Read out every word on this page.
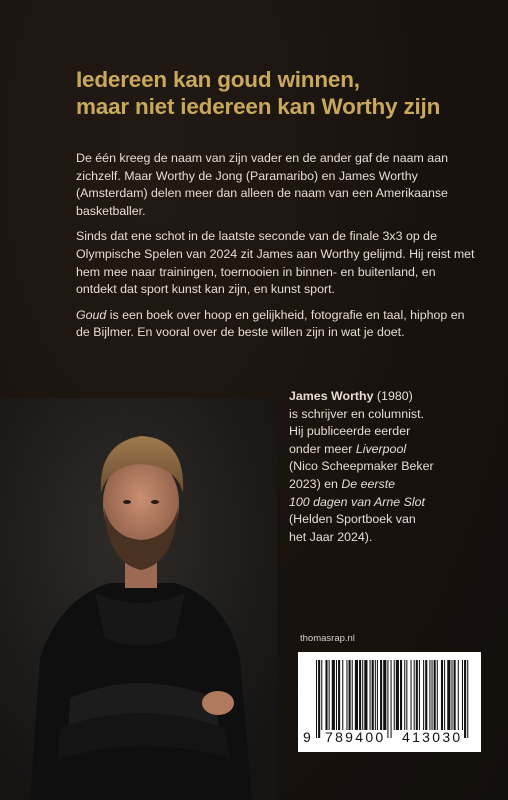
Iedereen kan goud winnen,
maar niet iedereen kan Worthy zijn

De één kreeg de naam van zijn vader en de ander gaf de naam aan zichzelf. Maar Worthy de Jong (Paramaribo) en James Worthy (Amsterdam) delen meer dan alleen de naam van een Amerikaanse basketballer.

Sinds dat ene schot in de laatste seconde van de finale 3x3 op de Olympische Spelen van 2024 zit James aan Worthy gelijmd. Hij reist met hem mee naar trainingen, toernooien in binnen- en buitenland, en ontdekt dat sport kunst kan zijn, en kunst sport.

Goud is een boek over hoop en gelijkheid, fotografie en taal, hiphop en de Bijlmer. En vooral over de beste willen zijn in wat je doet.

James Worthy (1980)
is schrijver en columnist.
Hij publiceerde eerder
onder meer Liverpool
(Nico Scheepmaker Beker
2023) en De eerste
100 dagen van Arne Slot
(Helden Sportboek van
het Jaar 2024).
thomasrap.nl
9 789400 413030
